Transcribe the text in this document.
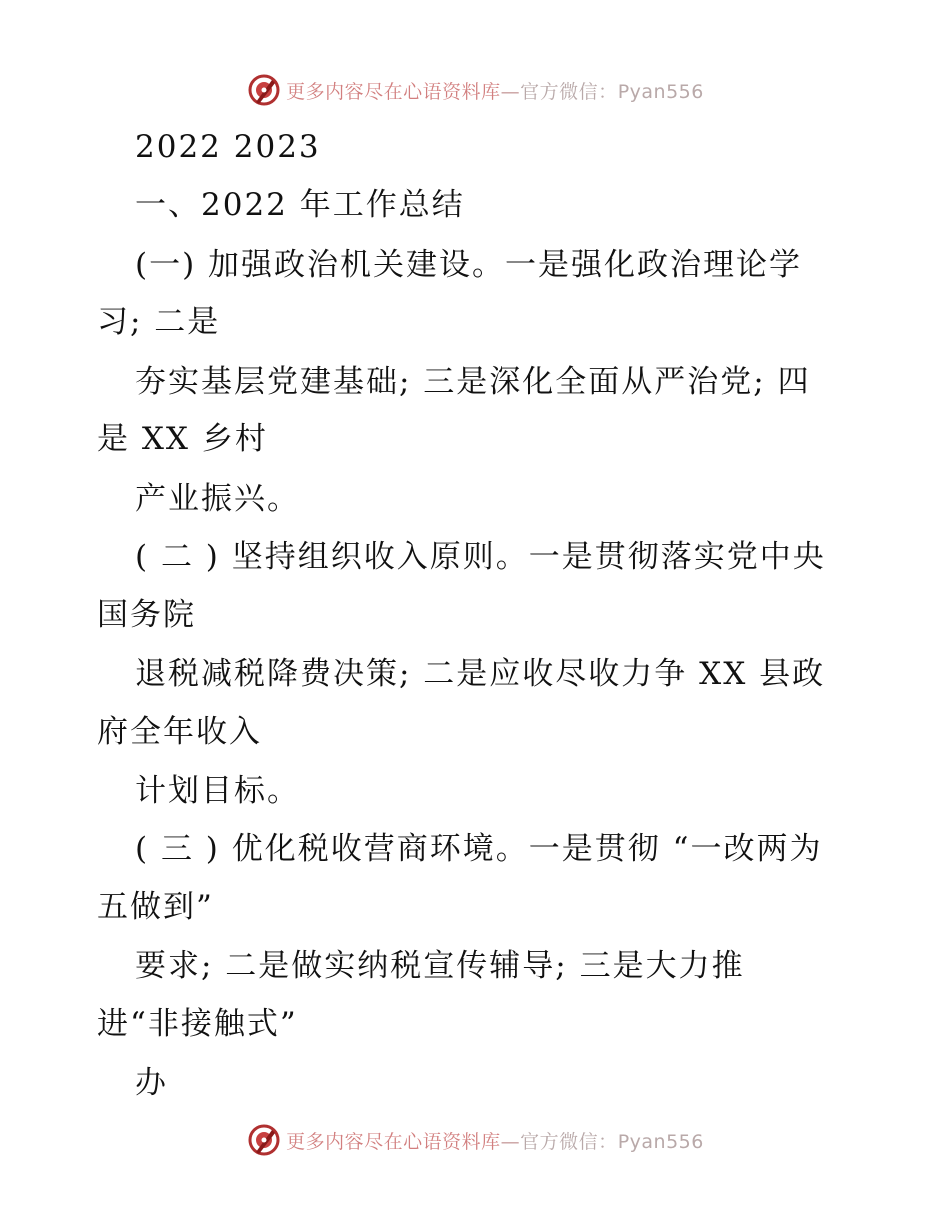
更多内容尽在心语资料库—官方微信：Pyan556
2022 2023
一、2022 年工作总结
(一) 加强政治机关建设。一是强化政治理论学
习; 二是
夯实基层党建基础; 三是深化全面从严治党; 四
是 XX 乡村
产业振兴。
( 二 ) 坚持组织收入原则。一是贯彻落实党中央
国务院
退税减税降费决策; 二是应收尽收力争 XX 县政
府全年收入
计划目标。
( 三 ) 优化税收营商环境。一是贯彻 “一改两为
五做到”
要求; 二是做实纳税宣传辅导; 三是大力推
进“非接触式”
办
更多内容尽在心语资料库—官方微信：Pyan556
